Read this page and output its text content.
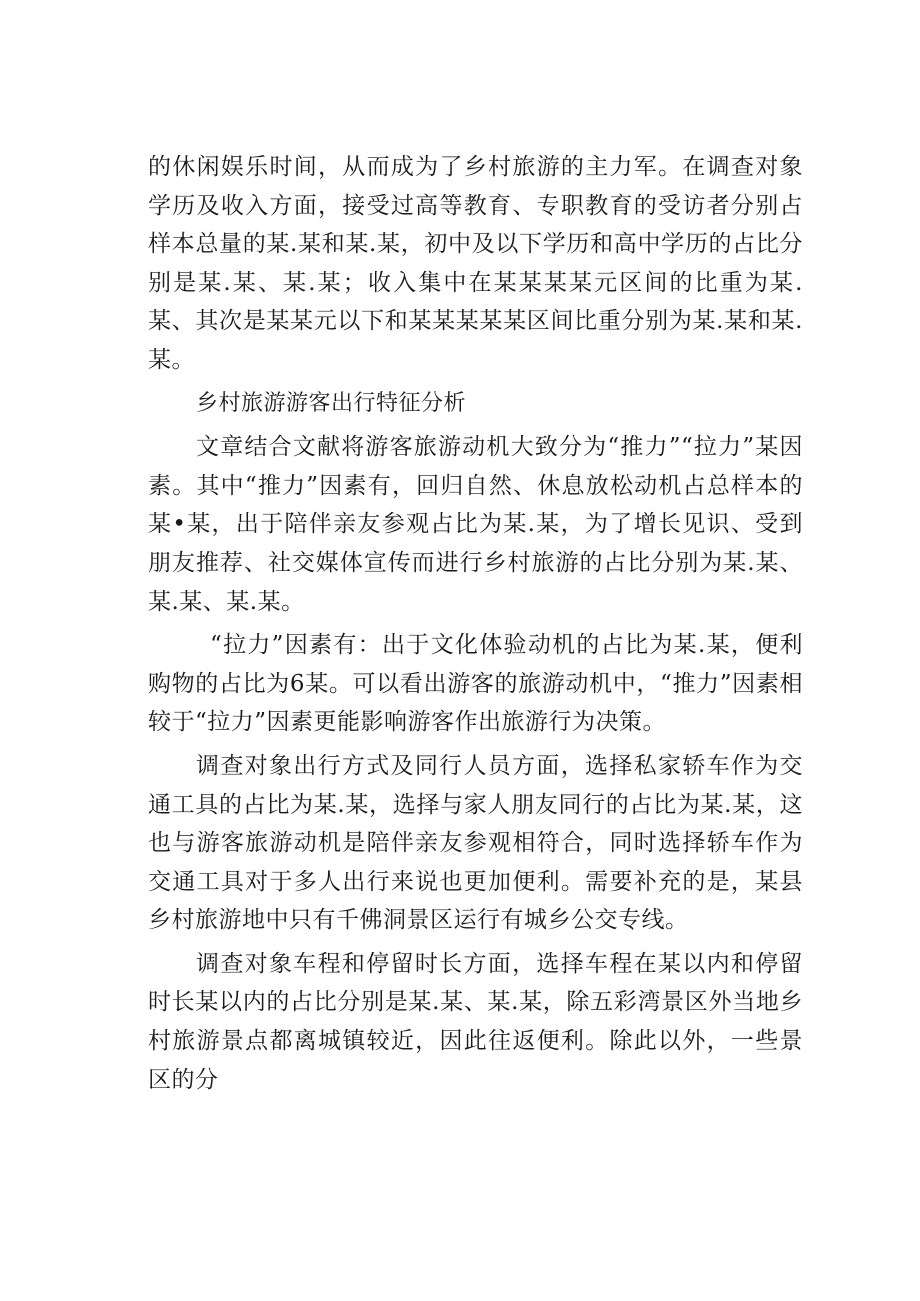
的休闲娱乐时间，从而成为了乡村旅游的主力军。在调查对象学历及收入方面，接受过高等教育、专职教育的受访者分别占样本总量的某.某和某.某，初中及以下学历和高中学历的占比分别是某.某、某.某；收入集中在某某某某元区间的比重为某.某、其次是某某元以下和某某某某某区间比重分别为某.某和某.某。

乡村旅游游客出行特征分析

文章结合文献将游客旅游动机大致分为“推力”“拉力”某因素。其中“推力”因素有，回归自然、休息放松动机占总样本的某•某，出于陪伴亲友参观占比为某.某，为了增长见识、受到朋友推荐、社交媒体宣传而进行乡村旅游的占比分别为某.某、某.某、某.某。

“拉力”因素有：出于文化体验动机的占比为某.某，便利购物的占比为6某。可以看出游客的旅游动机中，“推力”因素相较于“拉力”因素更能影响游客作出旅游行为决策。

调查对象出行方式及同行人员方面，选择私家轿车作为交通工具的占比为某.某，选择与家人朋友同行的占比为某.某，这也与游客旅游动机是陪伴亲友参观相符合，同时选择轿车作为交通工具对于多人出行来说也更加便利。需要补充的是，某县乡村旅游地中只有千佛洞景区运行有城乡公交专线。

调查对象车程和停留时长方面，选择车程在某以内和停留时长某以内的占比分别是某.某、某.某，除五彩湾景区外当地乡村旅游景点都离城镇较近，因此往返便利。除此以外，一些景区的分
